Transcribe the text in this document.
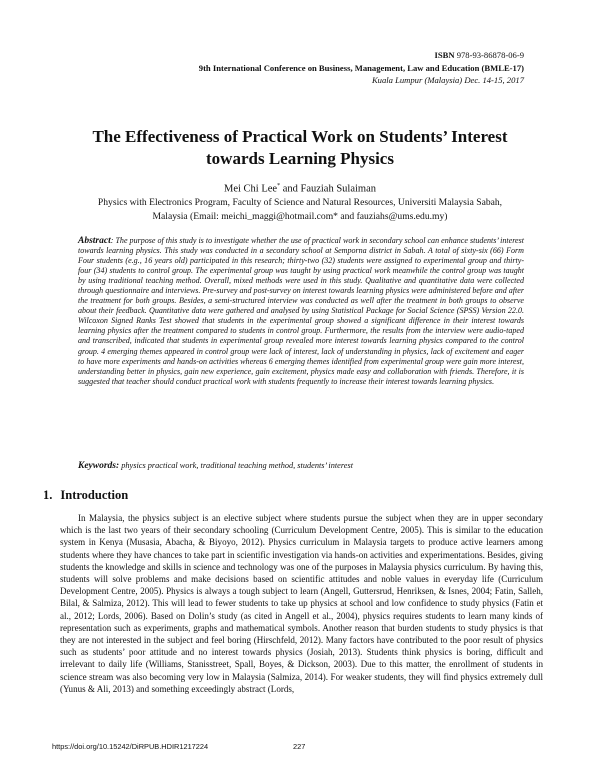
ISBN 978-93-86878-06-9
9th International Conference on Business, Management, Law and Education (BMLE-17)
Kuala Lumpur (Malaysia) Dec. 14-15, 2017
The Effectiveness of Practical Work on Students’ Interest
towards Learning Physics
Mei Chi Lee* and Fauziah Sulaiman
Physics with Electronics Program, Faculty of Science and Natural Resources, Universiti Malaysia Sabah,
Malaysia (Email: meichi_maggi@hotmail.com* and fauziahs@ums.edu.my)
Abstract: The purpose of this study is to investigate whether the use of practical work in secondary school can enhance students’ interest towards learning physics. This study was conducted in a secondary school at Semporna district in Sabah. A total of sixty-six (66) Form Four students (e.g., 16 years old) participated in this research; thirty-two (32) students were assigned to experimental group and thirty-four (34) students to control group. The experimental group was taught by using practical work meanwhile the control group was taught by using traditional teaching method. Overall, mixed methods were used in this study. Qualitative and quantitative data were collected through questionnaire and interviews. Pre-survey and post-survey on interest towards learning physics were administered before and after the treatment for both groups. Besides, a semi-structured interview was conducted as well after the treatment in both groups to observe about their feedback. Quantitative data were gathered and analysed by using Statistical Package for Social Science (SPSS) Version 22.0. Wilcoxon Signed Ranks Test showed that students in the experimental group showed a significant difference in their interest towards learning physics after the treatment compared to students in control group. Furthermore, the results from the interview were audio-taped and transcribed, indicated that students in experimental group revealed more interest towards learning physics compared to the control group. 4 emerging themes appeared in control group were lack of interest, lack of understanding in physics, lack of excitement and eager to have more experiments and hands-on activities whereas 6 emerging themes identified from experimental group were gain more interest, understanding better in physics, gain new experience, gain excitement, physics made easy and collaboration with friends. Therefore, it is suggested that teacher should conduct practical work with students frequently to increase their interest towards learning physics.
Keywords: physics practical work, traditional teaching method, students’ interest
1. Introduction
In Malaysia, the physics subject is an elective subject where students pursue the subject when they are in upper secondary which is the last two years of their secondary schooling (Curriculum Development Centre, 2005). This is similar to the education system in Kenya (Musasia, Abacha, & Biyoyo, 2012). Physics curriculum in Malaysia targets to produce active learners among students where they have chances to take part in scientific investigation via hands-on activities and experimentations. Besides, giving students the knowledge and skills in science and technology was one of the purposes in Malaysia physics curriculum. By having this, students will solve problems and make decisions based on scientific attitudes and noble values in everyday life (Curriculum Development Centre, 2005). Physics is always a tough subject to learn (Angell, Guttersrud, Henriksen, & Isnes, 2004; Fatin, Salleh, Bilal, & Salmiza, 2012). This will lead to fewer students to take up physics at school and low confidence to study physics (Fatin et al., 2012; Lords, 2006). Based on Dolin’s study (as cited in Angell et al., 2004), physics requires students to learn many kinds of representation such as experiments, graphs and mathematical symbols. Another reason that burden students to study physics is that they are not interested in the subject and feel boring (Hirschfeld, 2012). Many factors have contributed to the poor result of physics such as students’ poor attitude and no interest towards physics (Josiah, 2013). Students think physics is boring, difficult and irrelevant to daily life (Williams, Stanisstreet, Spall, Boyes, & Dickson, 2003). Due to this matter, the enrollment of students in science stream was also becoming very low in Malaysia (Salmiza, 2014). For weaker students, they will find physics extremely dull (Yunus & Ali, 2013) and something exceedingly abstract (Lords,
https://doi.org/10.15242/DiRPUB.HDIR1217224	227
